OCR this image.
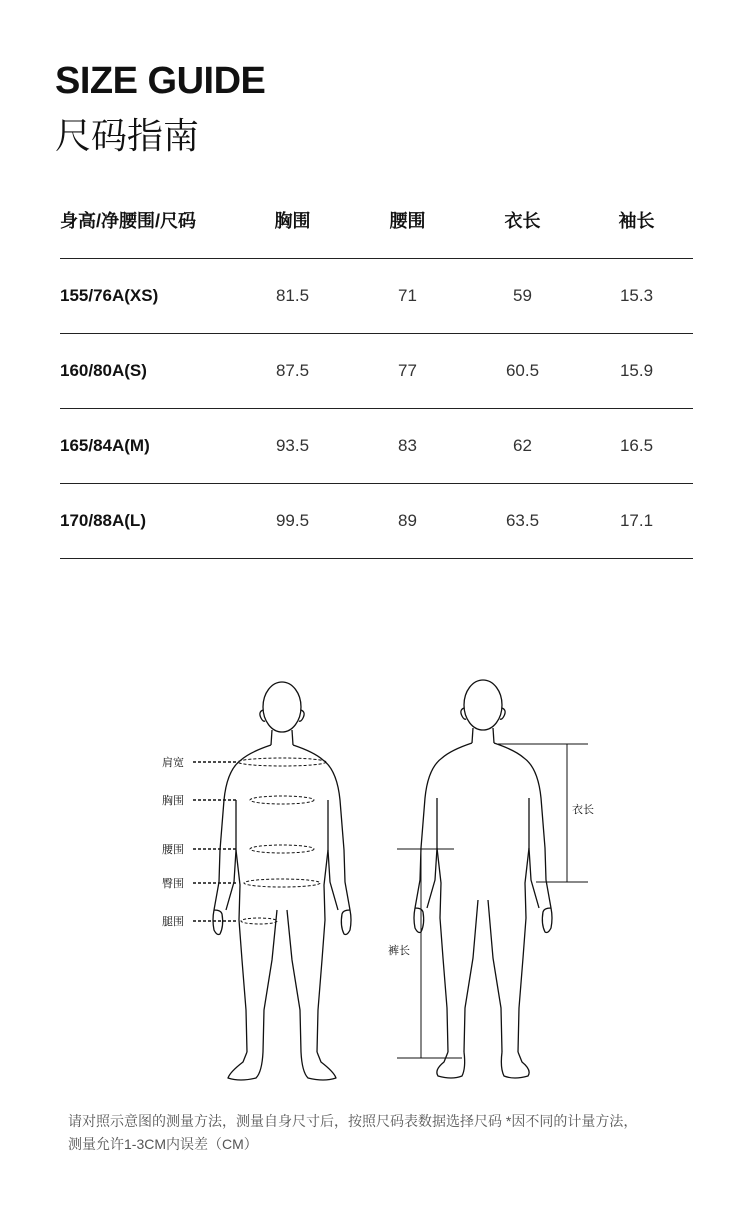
SIZE GUIDE
尺码指南
身高/净腰围/尺码	胸围	腰围	衣长	袖长
155/76A(XS)	81.5	71	59	15.3
160/80A(S)	87.5	77	60.5	15.9
165/84A(M)	93.5	83	62	16.5
170/88A(L)	99.5	89	63.5	17.1
肩宽
胸围
腰围
臀围
腿围
衣长
裤长

请对照示意图的测量方法，测量自身尺寸后，按照尺码表数据选择尺码 *因不同的计量方法，

测量允许1-3CM内误差（CM）
